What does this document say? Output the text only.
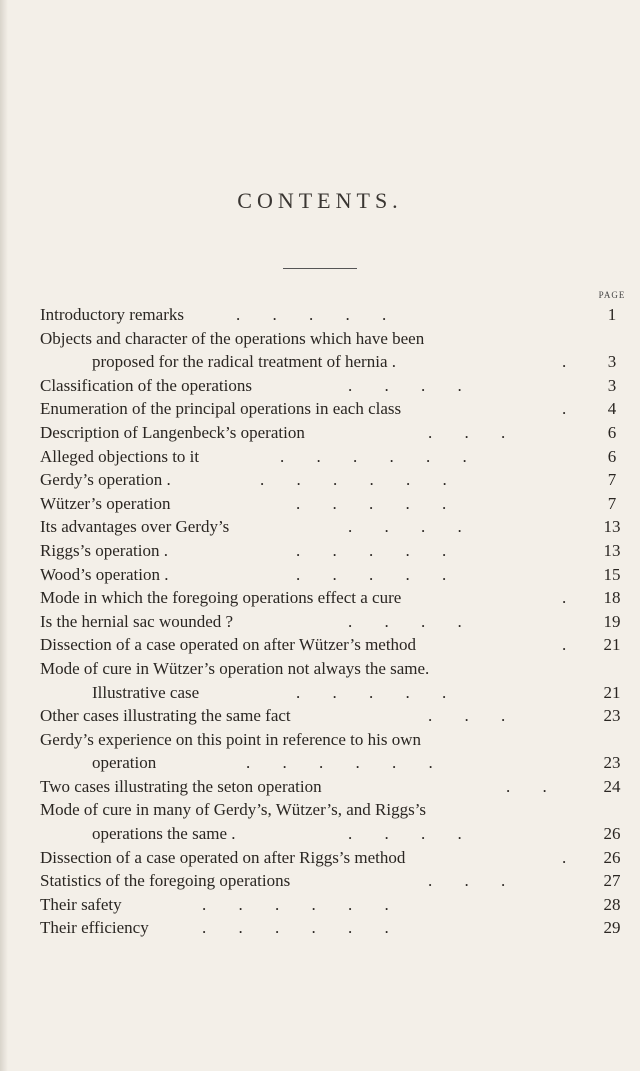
CONTENTS.
PAGE
Introductory remarks	. . . . .	1
Objects and character of the operations which have been
proposed for the radical treatment of hernia .	.	3
Classification of the operations	. . . .	3
Enumeration of the principal operations in each class	.	4
Description of Langenbeck’s operation	. . .	6
Alleged objections to it	. . . . . .	6
Gerdy’s operation .	. . . . . .	7
Wützer’s operation	. . . . .	7
Its advantages over Gerdy’s	. . . .	13
Riggs’s operation .	. . . . .	13
Wood’s operation .	. . . . .	15
Mode in which the foregoing operations effect a cure	.	18
Is the hernial sac wounded ?	. . . .	19
Dissection of a case operated on after Wützer’s method	.	21
Mode of cure in Wützer’s operation not always the same.
Illustrative case	. . . . .	21
Other cases illustrating the same fact	. . .	23
Gerdy’s experience on this point in reference to his own
operation	. . . . . .	23
Two cases illustrating the seton operation	. .	24
Mode of cure in many of Gerdy’s, Wützer’s, and Riggs’s
operations the same .	. . . .	26
Dissection of a case operated on after Riggs’s method	.	26
Statistics of the foregoing operations	. . .	27
Their safety	. . . . . .	28
Their efficiency	. . . . . .	29
